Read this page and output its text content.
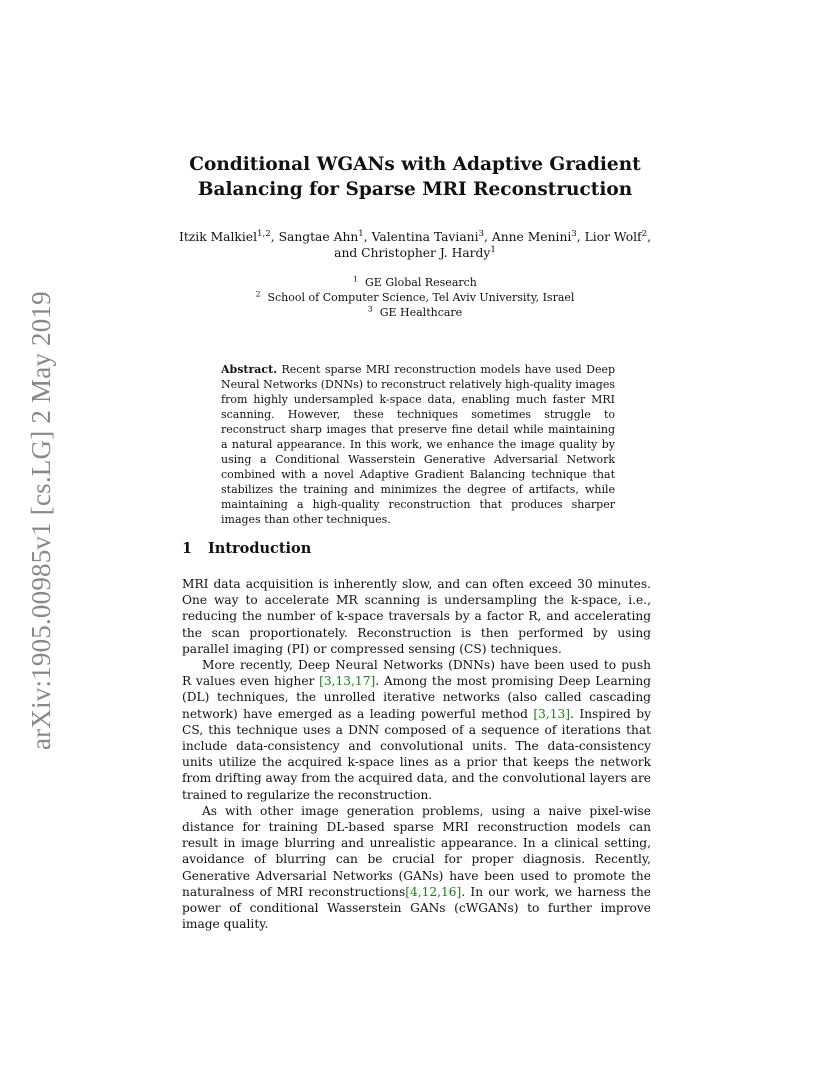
arXiv:1905.00985v1 [cs.LG] 2 May 2019
Conditional WGANs with Adaptive Gradient
Balancing for Sparse MRI Reconstruction
Itzik Malkiel$^{1,2}$, Sangtae Ahn$^1$, Valentina Taviani$^3$, Anne Menini$^3$, Lior Wolf$^2$,
and Christopher J. Hardy$^1$
$^1$ GE Global Research
$^2$ School of Computer Science, Tel Aviv University, Israel
$^3$ GE Healthcare
Abstract. Recent sparse MRI reconstruction models have used Deep Neural Networks (DNNs) to reconstruct relatively high-quality images from highly undersampled k-space data, enabling much faster MRI scanning. However, these techniques sometimes struggle to reconstruct sharp images that preserve fine detail while maintaining a natural appearance. In this work, we enhance the image quality by using a Conditional Wasserstein Generative Adversarial Network combined with a novel Adaptive Gradient Balancing technique that stabilizes the training and minimizes the degree of artifacts, while maintaining a high-quality reconstruction that produces sharper images than other techniques.
1 Introduction

MRI data acquisition is inherently slow, and can often exceed 30 minutes. One way to accelerate MR scanning is undersampling the k-space, i.e., reducing the number of k-space traversals by a factor R, and accelerating the scan proportionately. Reconstruction is then performed by using parallel imaging (PI) or compressed sensing (CS) techniques.

More recently, Deep Neural Networks (DNNs) have been used to push R values even higher [3,13,17]. Among the most promising Deep Learning (DL) techniques, the unrolled iterative networks (also called cascading network) have emerged as a leading powerful method [3,13]. Inspired by CS, this technique uses a DNN composed of a sequence of iterations that include data-consistency and convolutional units. The data-consistency units utilize the acquired k-space lines as a prior that keeps the network from drifting away from the acquired data, and the convolutional layers are trained to regularize the reconstruction.

As with other image generation problems, using a naive pixel-wise distance for training DL-based sparse MRI reconstruction models can result in image blurring and unrealistic appearance. In a clinical setting, avoidance of blurring can be crucial for proper diagnosis. Recently, Generative Adversarial Networks (GANs) have been used to promote the naturalness of MRI reconstructions[4,12,16]. In our work, we harness the power of conditional Wasserstein GANs (cWGANs) to further improve image quality.
